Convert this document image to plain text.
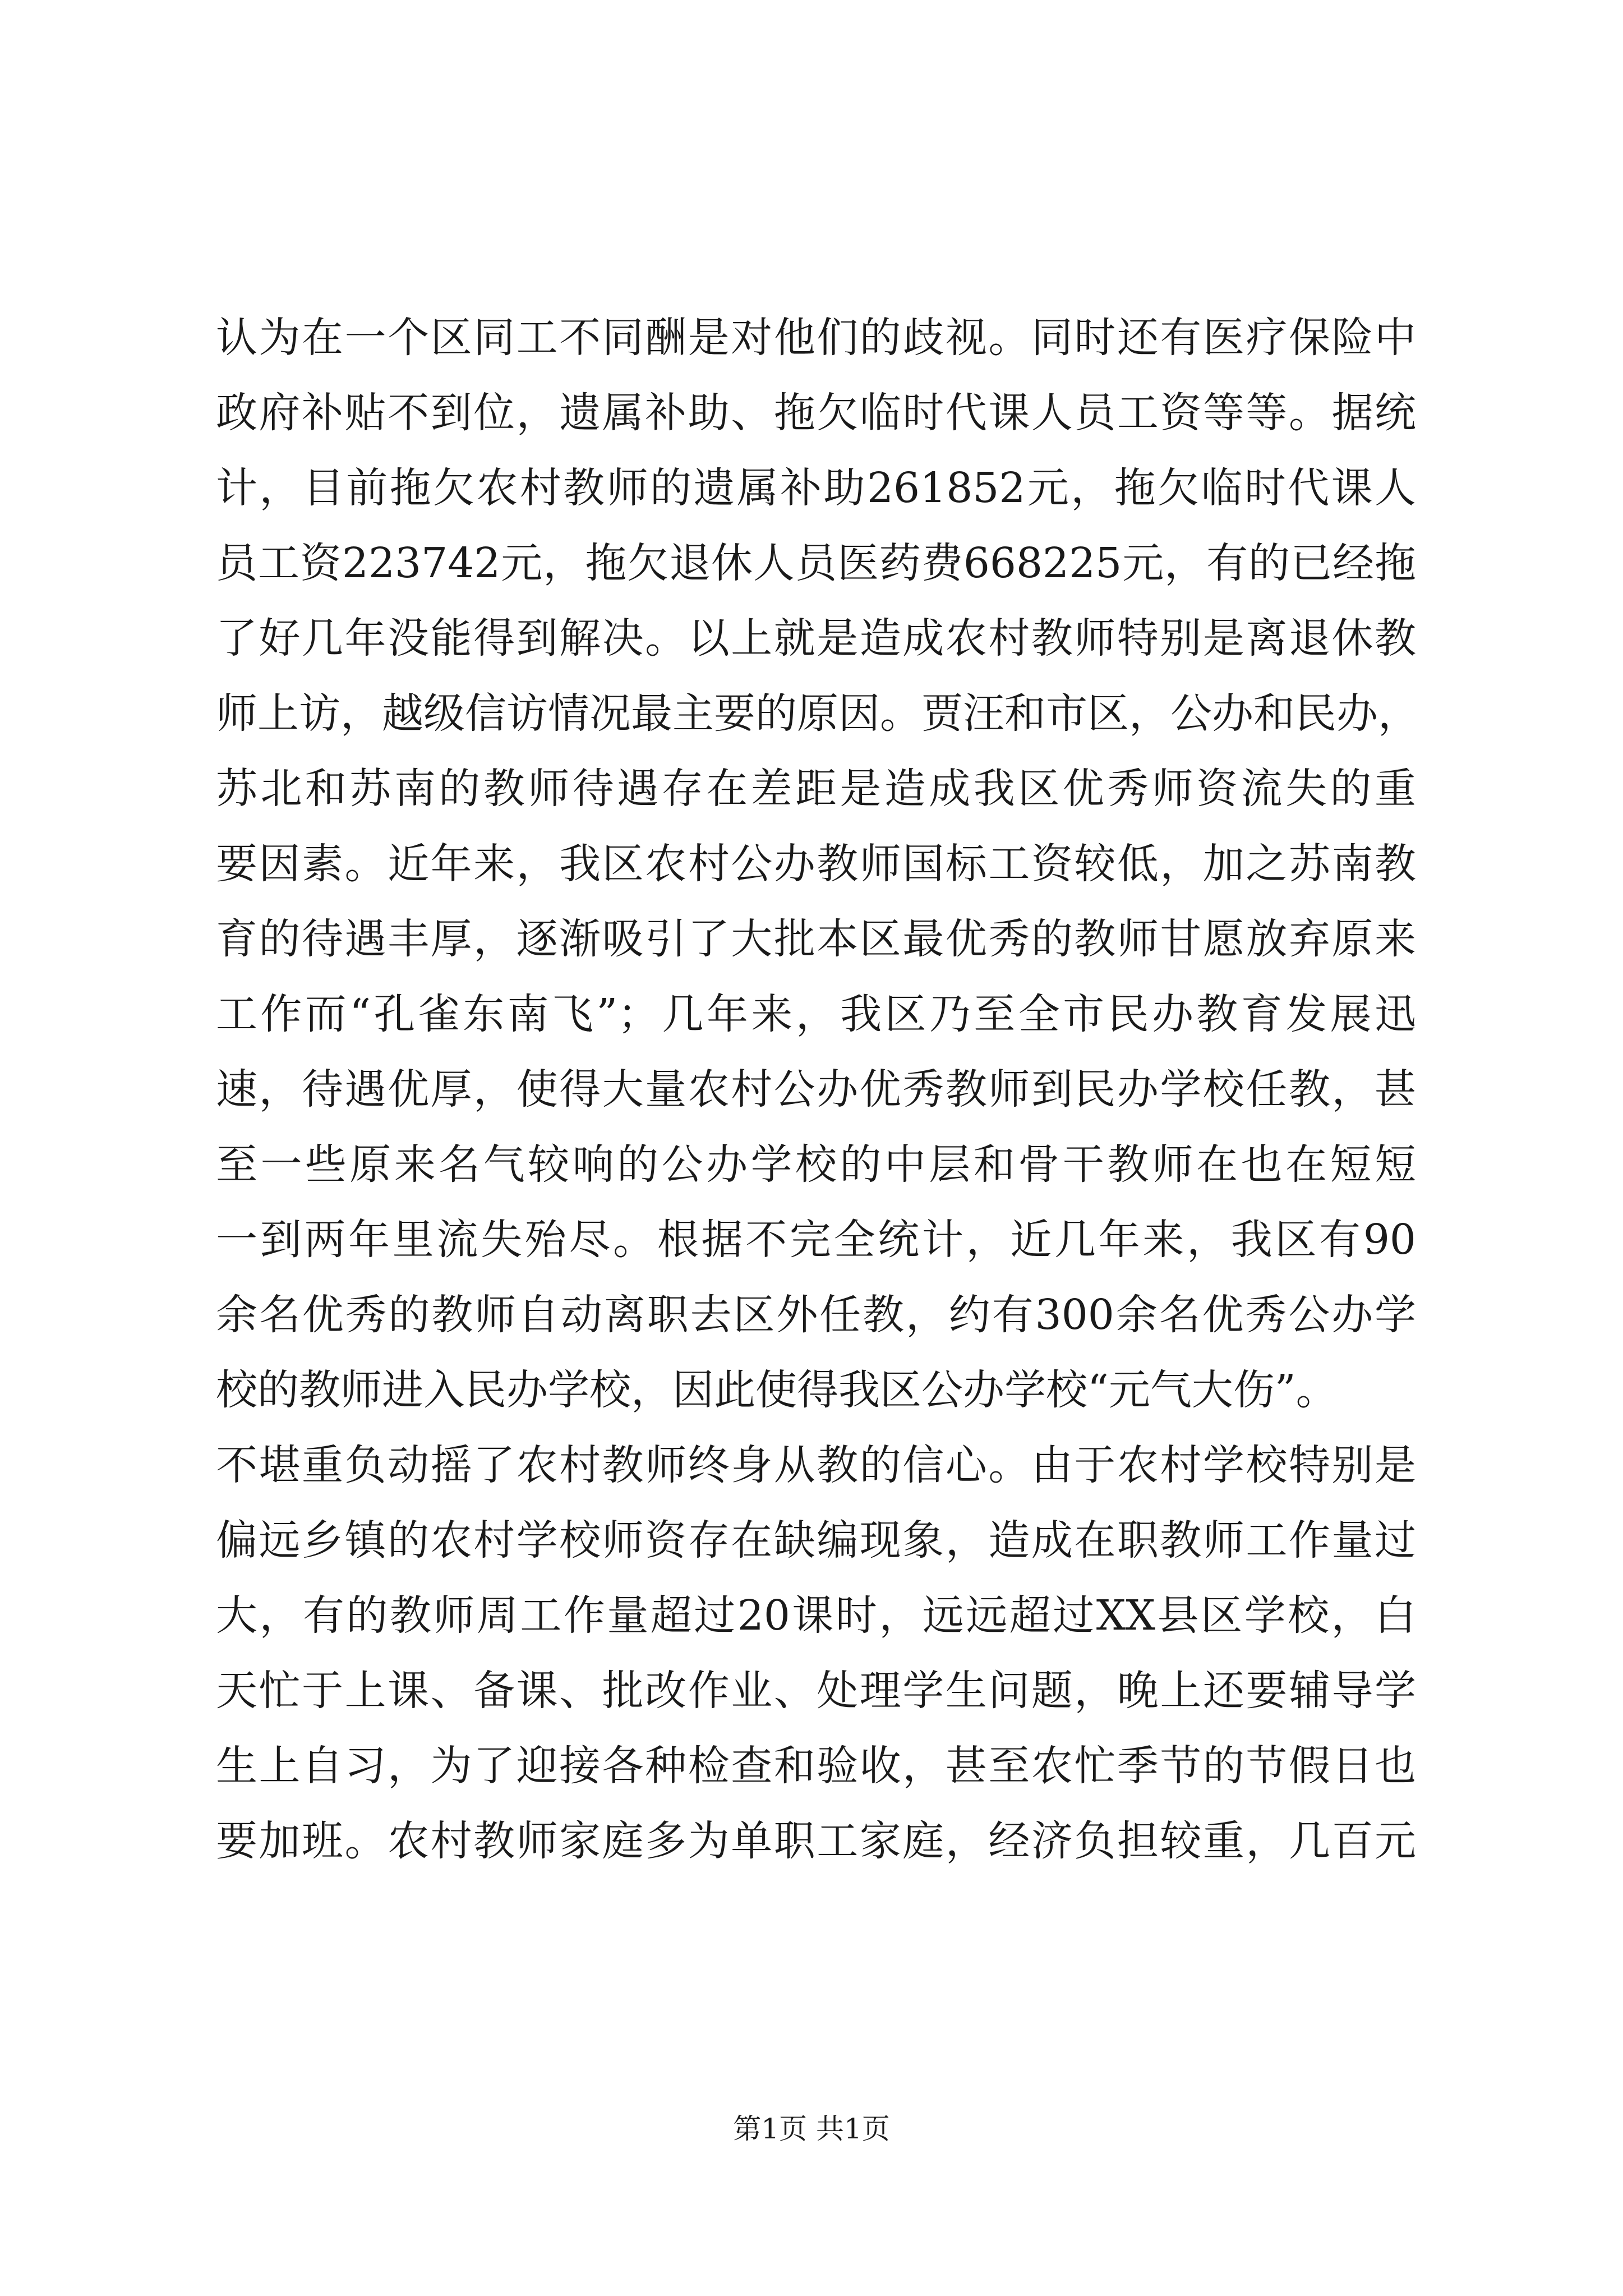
认为在一个区同工不同酬是对他们的歧视。同时还有医疗保险中
政府补贴不到位，遗属补助、拖欠临时代课人员工资等等。据统
计，目前拖欠农村教师的遗属补助261852元，拖欠临时代课人
员工资223742元，拖欠退休人员医药费668225元，有的已经拖
了好几年没能得到解决。以上就是造成农村教师特别是离退休教
师上访，越级信访情况最主要的原因。贾汪和市区，公办和民办，
苏北和苏南的教师待遇存在差距是造成我区优秀师资流失的重
要因素。近年来，我区农村公办教师国标工资较低，加之苏南教
育的待遇丰厚，逐渐吸引了大批本区最优秀的教师甘愿放弃原来
工作而“孔雀东南飞”；几年来，我区乃至全市民办教育发展迅
速，待遇优厚，使得大量农村公办优秀教师到民办学校任教，甚
至一些原来名气较响的公办学校的中层和骨干教师在也在短短
一到两年里流失殆尽。根据不完全统计，近几年来，我区有90
余名优秀的教师自动离职去区外任教，约有300余名优秀公办学
校的教师进入民办学校，因此使得我区公办学校“元气大伤”。
不堪重负动摇了农村教师终身从教的信心。由于农村学校特别是
偏远乡镇的农村学校师资存在缺编现象，造成在职教师工作量过
大，有的教师周工作量超过20课时，远远超过XX县区学校，白
天忙于上课、备课、批改作业、处理学生问题，晚上还要辅导学
生上自习，为了迎接各种检查和验收，甚至农忙季节的节假日也
要加班。农村教师家庭多为单职工家庭，经济负担较重，几百元
第1页 共1页
